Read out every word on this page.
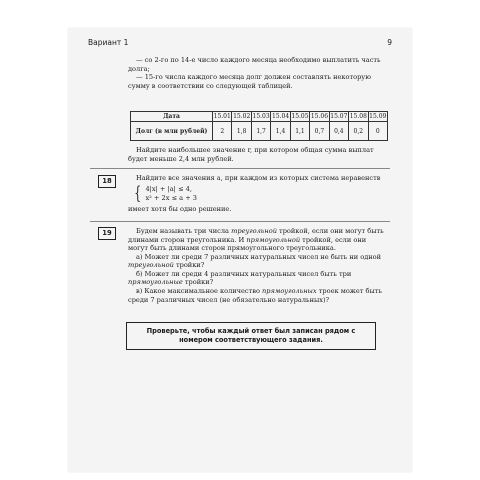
Вариант 1	9

— со 2-го по 14-е число каждого месяца необходимо выплатить часть долга;

— 15-го числа каждого месяца долг должен составлять некоторую сумму в соответствии со следующей таблицей.

Дата	15.01	15.02	15.03	15.04	15.05	15.06	15.07	15.08	15.09
Долг (в млн рублей)	2	1,8	1,7	1,4	1,1	0,7	0,4	0,2	0

Найдите наибольшее значение r, при котором общая сумма выплат будет меньше 2,4 млн рублей.

18	Найдите все значения a, при каждом из которых система неравенств

{ 4|x| + |a| ≤ 4,
x² + 2x ≤ a + 3

имеет хотя бы одно решение.

19	Будем называть три числа треугольной тройкой, если они могут быть длинами сторон треугольника. И прямоугольной тройкой, если они могут быть длинами сторон прямоугольного треугольника.

а) Может ли среди 7 различных натуральных чисел не быть ни одной треугольной тройки?

б) Может ли среди 4 различных натуральных чисел быть три прямоугольные тройки?

в) Какое максимальное количество прямоугольных троек может быть среди 7 различных чисел (не обязательно натуральных)?

Проверьте, чтобы каждый ответ был записан рядом с номером соответствующего задания.
